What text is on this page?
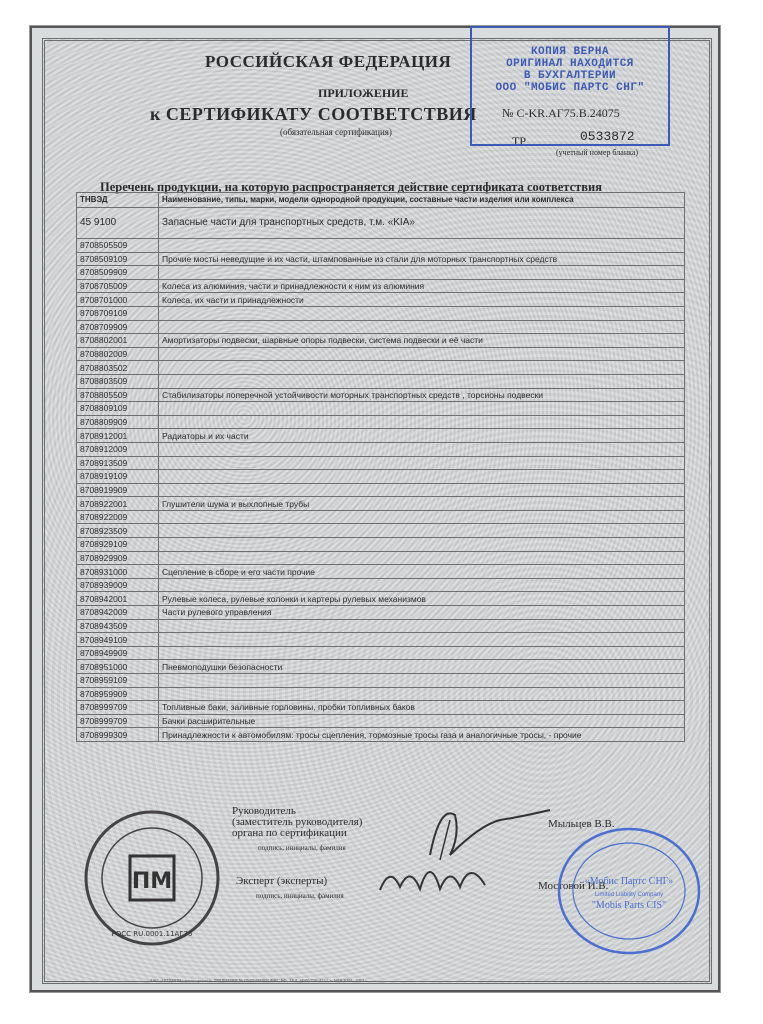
РОССИЙСКАЯ ФЕДЕРАЦИЯ
ПРИЛОЖЕНИЕ
к СЕРТИФИКАТУ СООТВЕТСТВИЯ № С-KR.АГ75.В.24075
(обязательная сертификация)
ТР	0533872
(учетный номер бланка)
КОПИЯ ВЕРНА
ОРИГИНАЛ НАХОДИТСЯ
В БУХГАЛТЕРИИ
ООО "МОБИС ПАРТС СНГ"
Перечень продукции, на которую распространяется действие сертификата соответствия
ТНВЭД	Наименование, типы, марки, модели однородной продукции, составные части изделия или комплекса
45 9100	Запасные части для транспортных средств, т.м. «KIA»
8708505509	
8708509109	Прочие мосты неведущие и их части, штампованные из стали для моторных транспортных средств
8708509909	
8708705009	Колеса из алюминия, части и принадлежности к ним из алюминия
8708701000	Колеса, их части и принадлежности
8708709109	
8708709909	
8708802001	Амортизаторы подвески, шарвные опоры подвески, система подвески и её части
8708802009	
8708803502	
8708803509	
8708805509	Стабилизаторы поперечной устойчивости моторных транспортных средств , торсионы подвески
8708809109	
8708809909	
8708912001	Радиаторы и их части
8708912009	
8708913509	
8708919109	
8708919909	
8708922001	Глушители шума и выхлопные трубы
8708922009	
8708923509	
8708929109	
8708929909	
8708931000	Сцепление в сборе и его части прочие
8708939009	
8708942001	Рулевые колеса, рулевые колонки и картеры рулевых механизмов
8708942009	Части рулевого управления
8708943509	
8708949109	
8708949909	
8708951000	Пневмоподушки безопасности
8708959109	
8708959909	
8708999709	Топливные баки, заливные горловины, пробки топливных баков
8708999709	Бачки расширительные
8708999309	Принадлежности к автомобилям: тросы сцепления, тормозные тросы газа и аналогичные тросы, - прочие
Руководитель
(заместитель руководителя)
органа по сертификации
подпись, инициалы, фамилия
Эксперт (эксперты)
подпись, инициалы, фамилия
Мыльцев В.В.
Мостовой И.В.
ПМ
РОСС RU.0001.11АГ75
«Мобис Партс СНГ»
Limited Liability Company
"Mobis Parts CIS"
ЗАО «ОПЦИОН» www.opcion.ru ЛИЦЕНЗИЯ № 05-05-09/003 ФНС РФ, ТЕЛ. (495) 726-4742, г. МОСКВА, 2012 г.
